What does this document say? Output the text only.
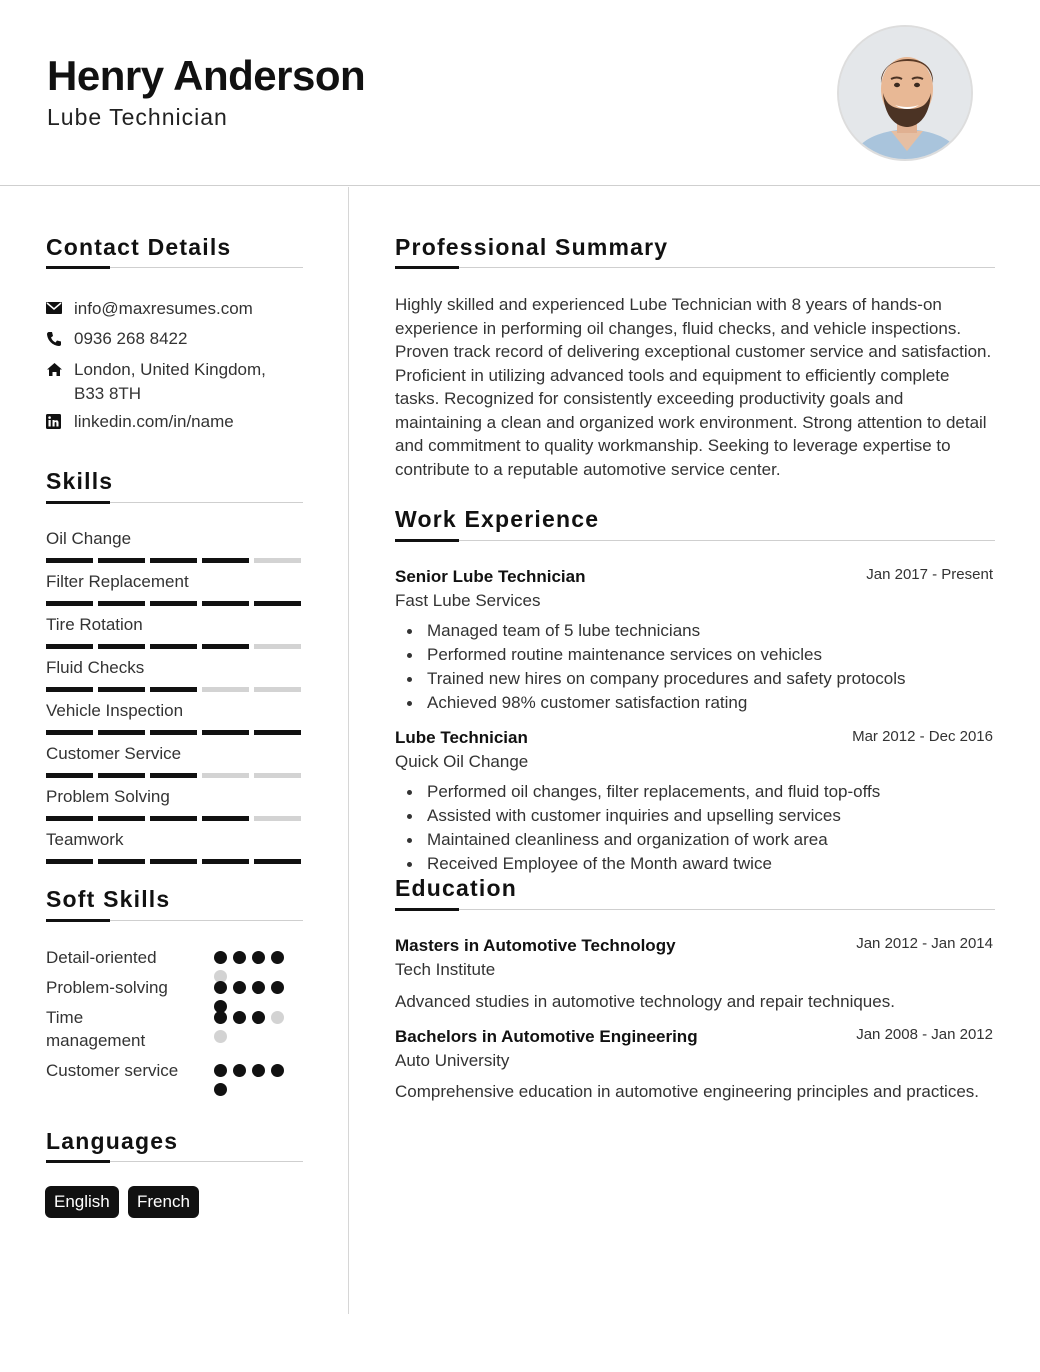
Henry Anderson
Lube Technician
Contact Details
info@maxresumes.com
0936 268 8422
London, United Kingdom,
B33 8TH
linkedin.com/in/name
Skills
Oil Change
Filter Replacement
Tire Rotation
Fluid Checks
Vehicle Inspection
Customer Service
Problem Solving
Teamwork
Soft Skills
Detail-oriented
Problem-solving
Time management
Customer service
Languages
English	French
Professional Summary
Highly skilled and experienced Lube Technician with 8 years of hands-on experience in performing oil changes, fluid checks, and vehicle inspections. Proven track record of delivering exceptional customer service and satisfaction. Proficient in utilizing advanced tools and equipment to efficiently complete tasks. Recognized for consistently exceeding productivity goals and maintaining a clean and organized work environment. Strong attention to detail and commitment to quality workmanship. Seeking to leverage expertise to contribute to a reputable automotive service center.
Work Experience
Senior Lube Technician	Jan 2017 - Present
Fast Lube Services
Managed team of 5 lube technicians
Performed routine maintenance services on vehicles
Trained new hires on company procedures and safety protocols
Achieved 98% customer satisfaction rating
Lube Technician	Mar 2012 - Dec 2016
Quick Oil Change
Performed oil changes, filter replacements, and fluid top-offs
Assisted with customer inquiries and upselling services
Maintained cleanliness and organization of work area
Received Employee of the Month award twice
Education
Masters in Automotive Technology	Jan 2012 - Jan 2014
Tech Institute
Advanced studies in automotive technology and repair techniques.
Bachelors in Automotive Engineering	Jan 2008 - Jan 2012
Auto University
Comprehensive education in automotive engineering principles and practices.
